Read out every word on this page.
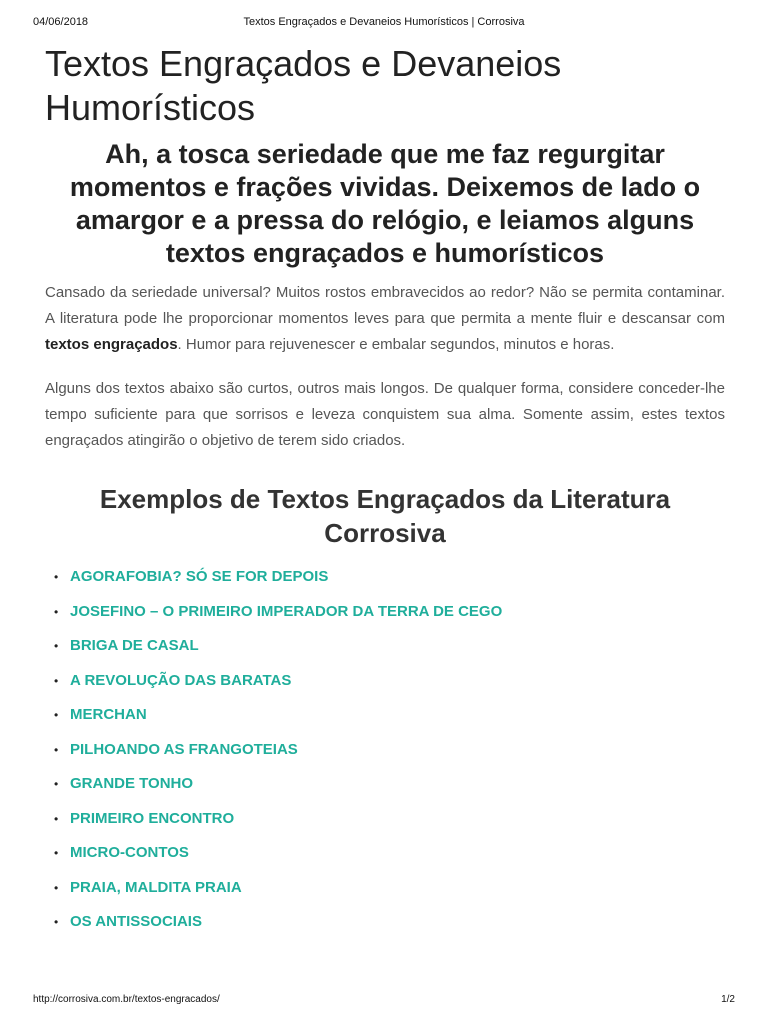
04/06/2018	Textos Engraçados e Devaneios Humorísticos | Corrosiva
Textos Engraçados e Devaneios Humorísticos
Ah, a tosca seriedade que me faz regurgitar momentos e frações vividas. Deixemos de lado o amargor e a pressa do relógio, e leiamos alguns textos engraçados e humorísticos

Cansado da seriedade universal? Muitos rostos embravecidos ao redor? Não se permita contaminar. A literatura pode lhe proporcionar momentos leves para que permita a mente fluir e descansar com textos engraçados. Humor para rejuvenescer e embalar segundos, minutos e horas.

Alguns dos textos abaixo são curtos, outros mais longos. De qualquer forma, considere conceder-lhe tempo suficiente para que sorrisos e leveza conquistem sua alma. Somente assim, estes textos engraçados atingirão o objetivo de terem sido criados.

Exemplos de Textos Engraçados da Literatura Corrosiva
• AGORAFOBIA? SÓ SE FOR DEPOIS
• JOSEFINO – O PRIMEIRO IMPERADOR DA TERRA DE CEGO
• BRIGA DE CASAL
• A REVOLUÇÃO DAS BARATAS
• MERCHAN
• PILHOANDO AS FRANGOTEIAS
• GRANDE TONHO
• PRIMEIRO ENCONTRO
• MICRO-CONTOS
• PRAIA, MALDITA PRAIA
• OS ANTISSOCIAIS
http://corrosiva.com.br/textos-engracados/	1/2
